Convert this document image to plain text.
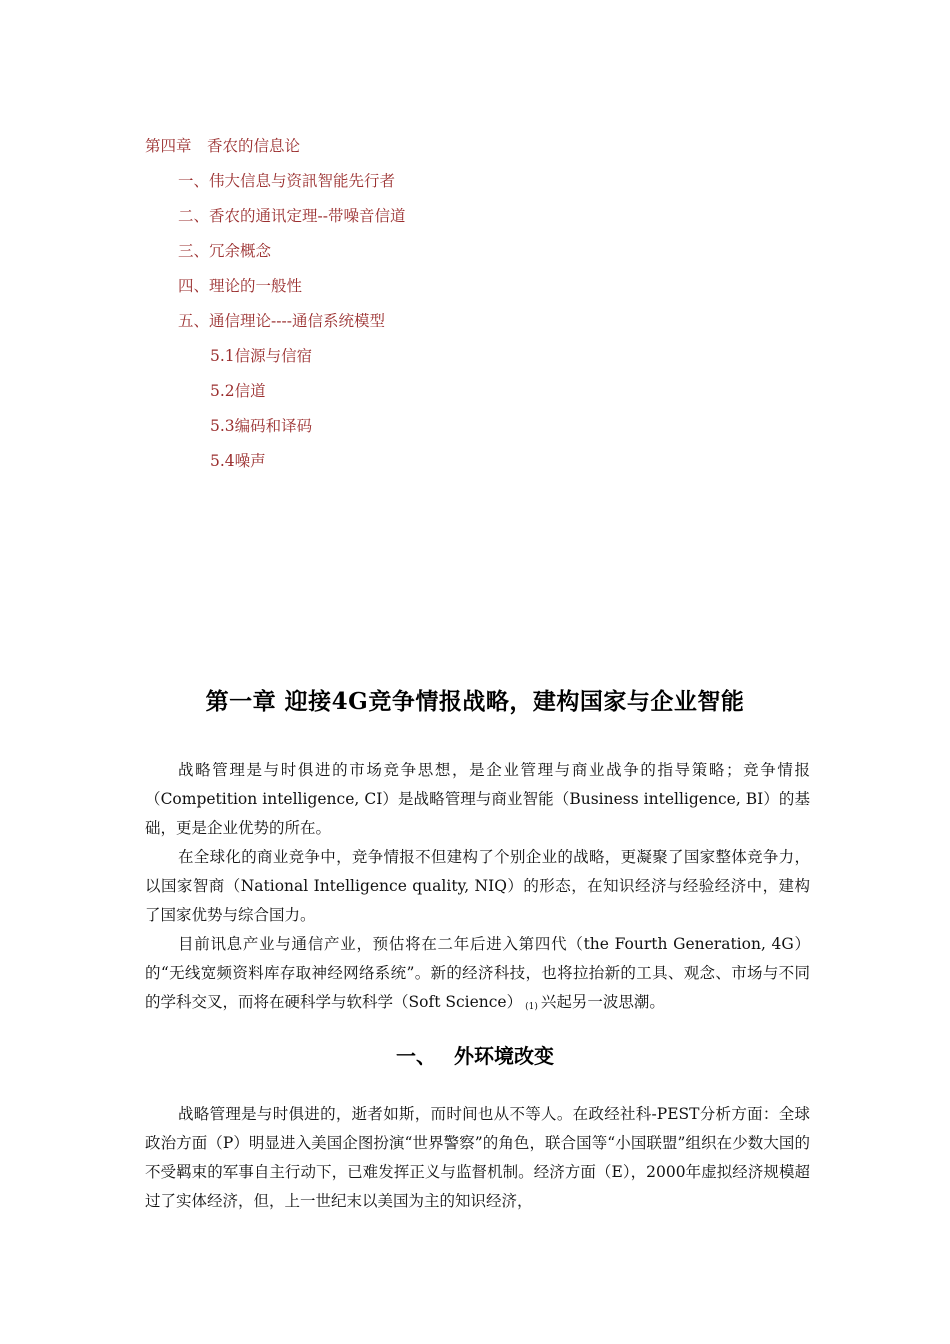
第四章　香农的信息论
一、伟大信息与资訊智能先行者
二、香农的通讯定理--带噪音信道
三、冗余概念
四、理论的一般性
五、通信理论----通信系统模型
5.1信源与信宿
5.2信道
5.3编码和译码
5.4噪声
第一章 迎接4G竞争情报战略，建构国家与企业智能

战略管理是与时俱进的市场竞争思想，是企业管理与商业战争的指导策略；竞争情报（Competition intelligence, CI）是战略管理与商业智能（Business intelligence, BI）的基础，更是企业优势的所在。

在全球化的商业竞争中，竞争情报不但建构了个别企业的战略，更凝聚了国家整体竞争力，以国家智商（National Intelligence quality, NIQ）的形态，在知识经济与经验经济中，建构了国家优势与综合国力。

目前讯息产业与通信产业，预估将在二年后进入第四代（the Fourth Generation, 4G）的“无线宽频资料库存取神经网络系统”。新的经济科技，也将拉抬新的工具、观念、市场与不同的学科交叉，而将在硬科学与软科学（Soft Science） (1) 兴起另一波思潮。

一、 外环境改变

战略管理是与时俱进的，逝者如斯，而时间也从不等人。在政经社科-PEST分析方面：全球政治方面（P）明显进入美国企图扮演“世界警察”的角色，联合国等“小国联盟”组织在少数大国的不受羁束的军事自主行动下，已难发挥正义与监督机制。经济方面（E），2000年虚拟经济规模超过了实体经济，但，上一世纪末以美国为主的知识经济，
